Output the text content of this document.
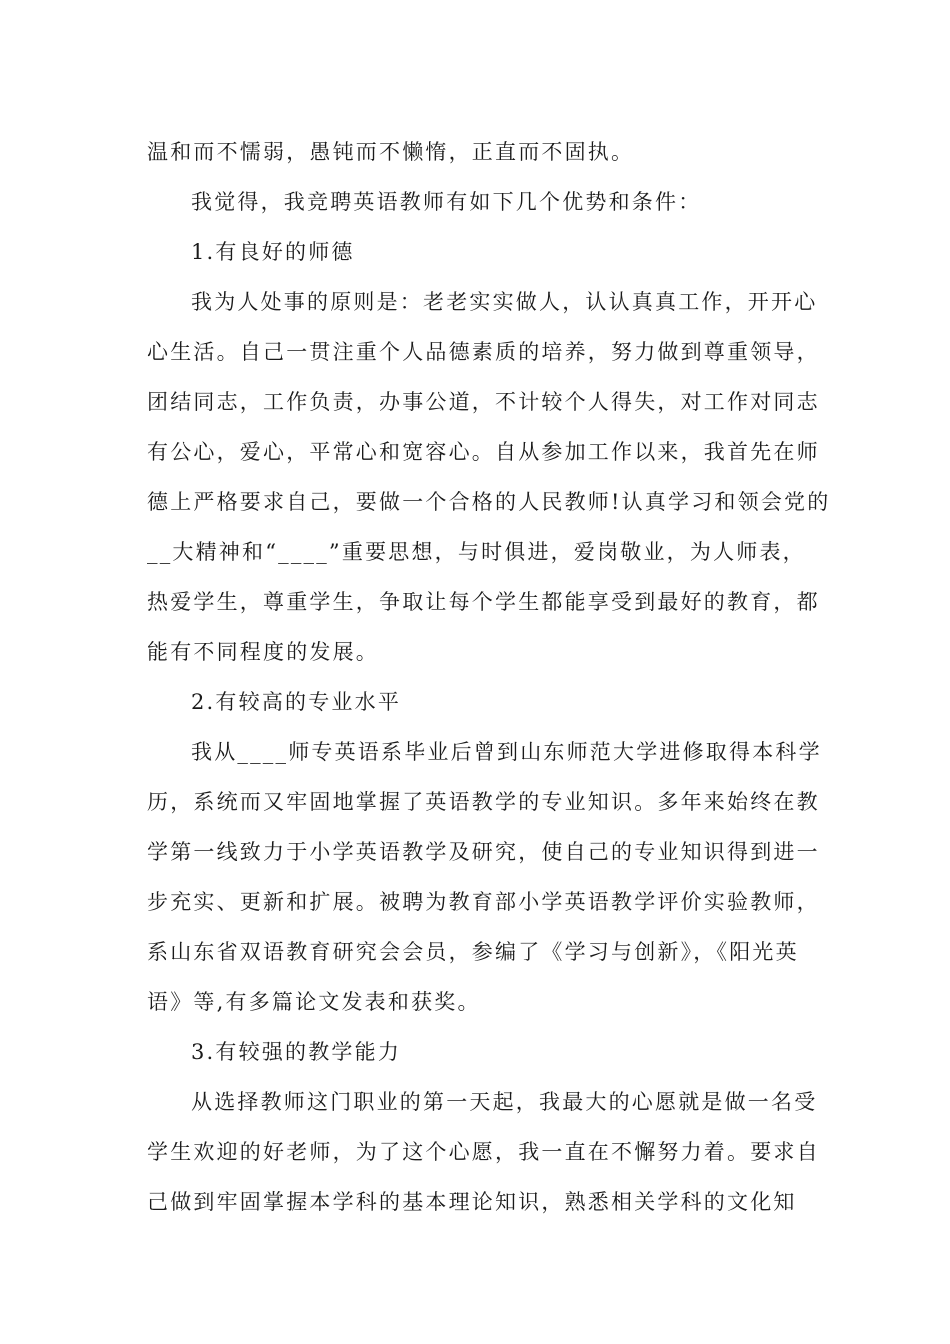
温和而不懦弱，愚钝而不懒惰，正直而不固执。
我觉得，我竞聘英语教师有如下几个优势和条件：
1.有良好的师德
我为人处事的原则是：老老实实做人，认认真真工作，开开心
心生活。自己一贯注重个人品德素质的培养，努力做到尊重领导，
团结同志，工作负责，办事公道，不计较个人得失，对工作对同志
有公心，爱心，平常心和宽容心。自从参加工作以来，我首先在师
德上严格要求自己，要做一个合格的人民教师!认真学习和领会党的
__大精神和“____”重要思想，与时俱进，爱岗敬业，为人师表，
热爱学生，尊重学生，争取让每个学生都能享受到最好的教育，都
能有不同程度的发展。
2.有较高的专业水平
我从____师专英语系毕业后曾到山东师范大学进修取得本科学
历，系统而又牢固地掌握了英语教学的专业知识。多年来始终在教
学第一线致力于小学英语教学及研究，使自己的专业知识得到进一
步充实、更新和扩展。被聘为教育部小学英语教学评价实验教师，
系山东省双语教育研究会会员，参编了《学习与创新》，《阳光英
语》等,有多篇论文发表和获奖。
3.有较强的教学能力
从选择教师这门职业的第一天起，我最大的心愿就是做一名受
学生欢迎的好老师，为了这个心愿，我一直在不懈努力着。要求自
己做到牢固掌握本学科的基本理论知识，熟悉相关学科的文化知
